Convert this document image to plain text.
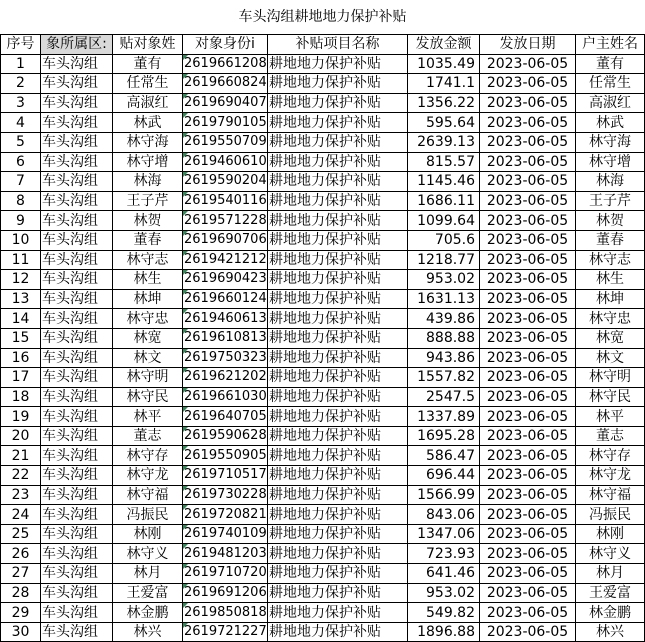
车头沟组耕地地力保护补贴
序号	象所属区:	贴对象姓	对象身份i	补贴项目名称	发放金额	发放日期	户主姓名
1	车头沟组	董有	2619661208	耕地地力保护补贴	1035.49	2023-06-05	董有
2	车头沟组	任常生	2619660824	耕地地力保护补贴	1741.1	2023-06-05	任常生
3	车头沟组	高淑红	2619690407	耕地地力保护补贴	1356.22	2023-06-05	高淑红
4	车头沟组	林武	2619790105	耕地地力保护补贴	595.64	2023-06-05	林武
5	车头沟组	林守海	2619550709	耕地地力保护补贴	2639.13	2023-06-05	林守海
6	车头沟组	林守增	2619460610	耕地地力保护补贴	815.57	2023-06-05	林守增
7	车头沟组	林海	2619590204	耕地地力保护补贴	1145.46	2023-06-05	林海
8	车头沟组	王子芹	2619540116	耕地地力保护补贴	1686.11	2023-06-05	王子芹
9	车头沟组	林贺	2619571228	耕地地力保护补贴	1099.64	2023-06-05	林贺
10	车头沟组	董春	2619690706	耕地地力保护补贴	705.6	2023-06-05	董春
11	车头沟组	林守志	2619421212	耕地地力保护补贴	1218.77	2023-06-05	林守志
12	车头沟组	林生	2619690423	耕地地力保护补贴	953.02	2023-06-05	林生
13	车头沟组	林坤	2619660124	耕地地力保护补贴	1631.13	2023-06-05	林坤
14	车头沟组	林守忠	2619460613	耕地地力保护补贴	439.86	2023-06-05	林守忠
15	车头沟组	林宽	2619610813	耕地地力保护补贴	888.88	2023-06-05	林宽
16	车头沟组	林文	2619750323	耕地地力保护补贴	943.86	2023-06-05	林文
17	车头沟组	林守明	2619621202	耕地地力保护补贴	1557.82	2023-06-05	林守明
18	车头沟组	林守民	2619661030	耕地地力保护补贴	2547.5	2023-06-05	林守民
19	车头沟组	林平	2619640705	耕地地力保护补贴	1337.89	2023-06-05	林平
20	车头沟组	董志	2619590628	耕地地力保护补贴	1695.28	2023-06-05	董志
21	车头沟组	林守存	2619550905	耕地地力保护补贴	586.47	2023-06-05	林守存
22	车头沟组	林守龙	2619710517	耕地地力保护补贴	696.44	2023-06-05	林守龙
23	车头沟组	林守福	2619730228	耕地地力保护补贴	1566.99	2023-06-05	林守福
24	车头沟组	冯振民	2619720821	耕地地力保护补贴	843.06	2023-06-05	冯振民
25	车头沟组	林刚	2619740109	耕地地力保护补贴	1347.06	2023-06-05	林刚
26	车头沟组	林守义	2619481203	耕地地力保护补贴	723.93	2023-06-05	林守义
27	车头沟组	林月	2619710720	耕地地力保护补贴	641.46	2023-06-05	林月
28	车头沟组	王爱富	2619691206	耕地地力保护补贴	953.02	2023-06-05	王爱富
29	车头沟组	林金鹏	2619850818	耕地地力保护补贴	549.82	2023-06-05	林金鹏
30	车头沟组	林兴	2619721227	耕地地力保护补贴	1896.88	2023-06-05	林兴
